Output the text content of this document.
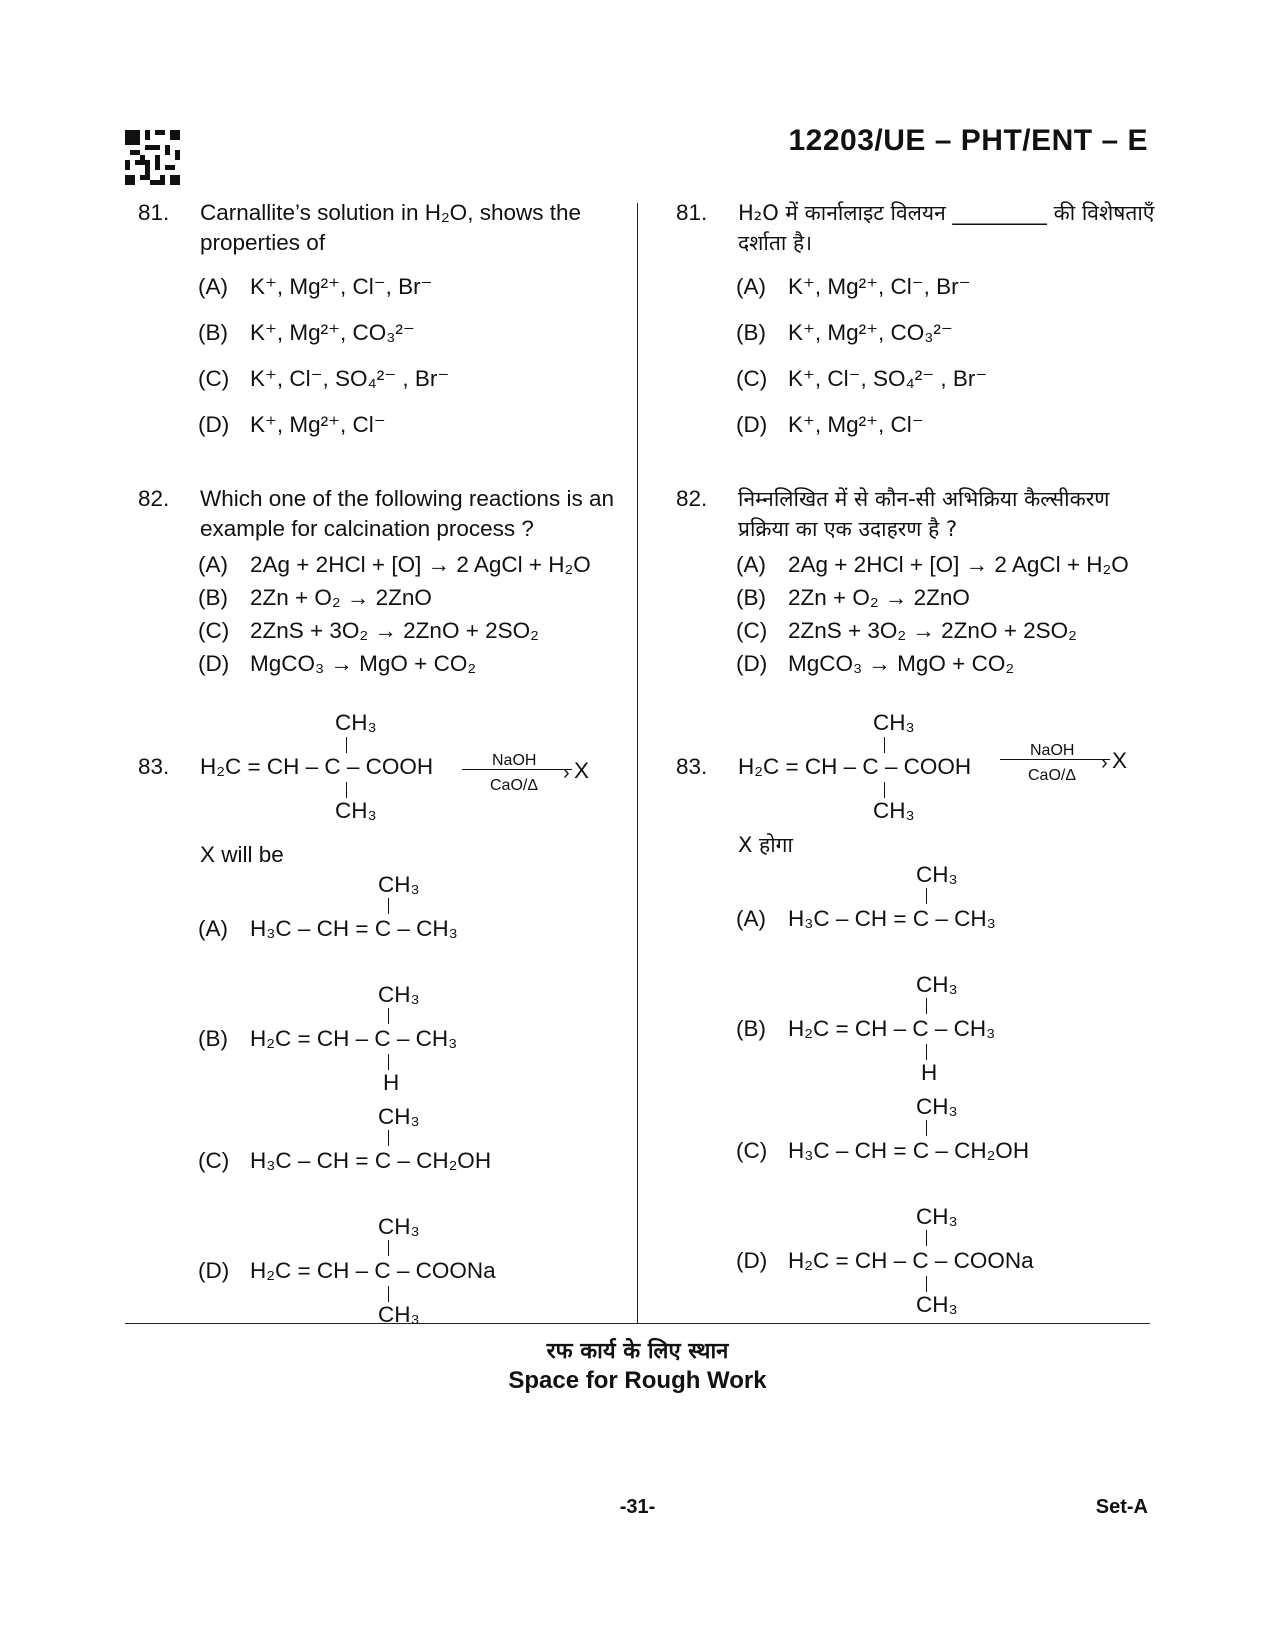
12203/UE – PHT/ENT – E
81. Carnallite’s solution in H₂O, shows the properties of
(A) K⁺, Mg²⁺, Cl⁻, Br⁻
(B) K⁺, Mg²⁺, CO₃²⁻
(C) K⁺, Cl⁻, SO₄²⁻ , Br⁻
(D) K⁺, Mg²⁺, Cl⁻
82. Which one of the following reactions is an example for calcination process ?
(A) 2Ag + 2HCl + [O] → 2 AgCl + H₂O
(B) 2Zn + O₂ → 2ZnO
(C) 2ZnS + 3O₂ → 2ZnO + 2SO₂
(D) MgCO₃ → MgO + CO₂
83.
CH₃
H₂C = CH – C – COOH
CH₃
NaOH
› X
CaO/Δ
X will be
(A)
CH₃
H₃C – CH = C – CH₃
(B)
CH₃
H₂C = CH – C – CH₃
H
(C)
CH₃
H₃C – CH = C – CH₂OH
(D)
CH₃
H₂C = CH – C – COONa
CH₃
81. H₂O में कार्नालाइट विलयन _________ की विशेषताएँ दर्शाता है।
(A) K⁺, Mg²⁺, Cl⁻, Br⁻
(B) K⁺, Mg²⁺, CO₃²⁻
(C) K⁺, Cl⁻, SO₄²⁻ , Br⁻
(D) K⁺, Mg²⁺, Cl⁻
82. निम्नलिखित में से कौन-सी अभिक्रिया कैल्सीकरण प्रक्रिया का एक उदाहरण है ?
(A) 2Ag + 2HCl + [O] → 2 AgCl + H₂O
(B) 2Zn + O₂ → 2ZnO
(C) 2ZnS + 3O₂ → 2ZnO + 2SO₂
(D) MgCO₃ → MgO + CO₂
83.
CH₃
H₂C = CH – C – COOH
CH₃
NaOH
› X
CaO/Δ
X होगा
(A)
CH₃
H₃C – CH = C – CH₃
(B)
CH₃
H₂C = CH – C – CH₃
H
(C)
CH₃
H₃C – CH = C – CH₂OH
(D)
CH₃
H₂C = CH – C – COONa
CH₃
रफ कार्य के लिए स्थान
Space for Rough Work
-31-	Set-A
